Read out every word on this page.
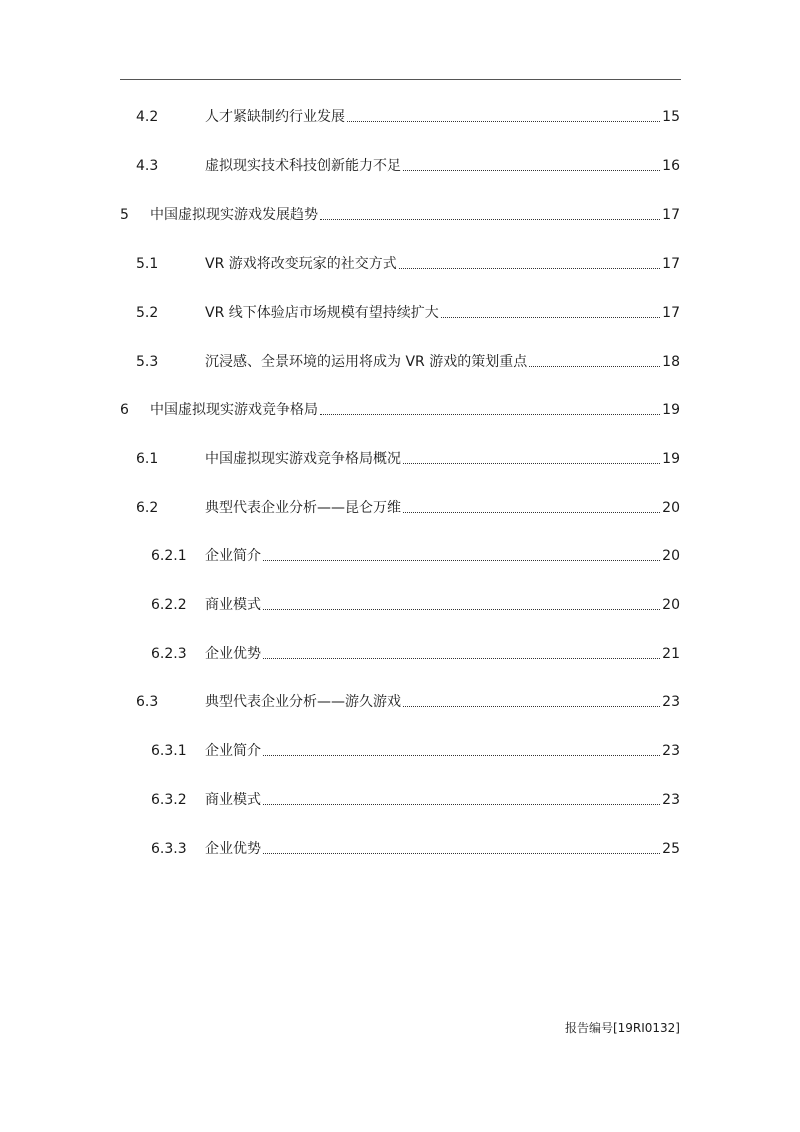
4.2	人才紧缺制约行业发展	15
4.3	虚拟现实技术科技创新能力不足	16
5 中国虚拟现实游戏发展趋势	17
5.1	VR 游戏将改变玩家的社交方式	17
5.2	VR 线下体验店市场规模有望持续扩大	17
5.3	沉浸感、全景环境的运用将成为 VR 游戏的策划重点	18
6 中国虚拟现实游戏竞争格局	19
6.1	中国虚拟现实游戏竞争格局概况	19
6.2	典型代表企业分析——昆仑万维	20
6.2.1 企业简介	20
6.2.2 商业模式	20
6.2.3 企业优势	21
6.3	典型代表企业分析——游久游戏	23
6.3.1 企业简介	23
6.3.2 商业模式	23
6.3.3 企业优势	25
报告编号[19RI0132]
